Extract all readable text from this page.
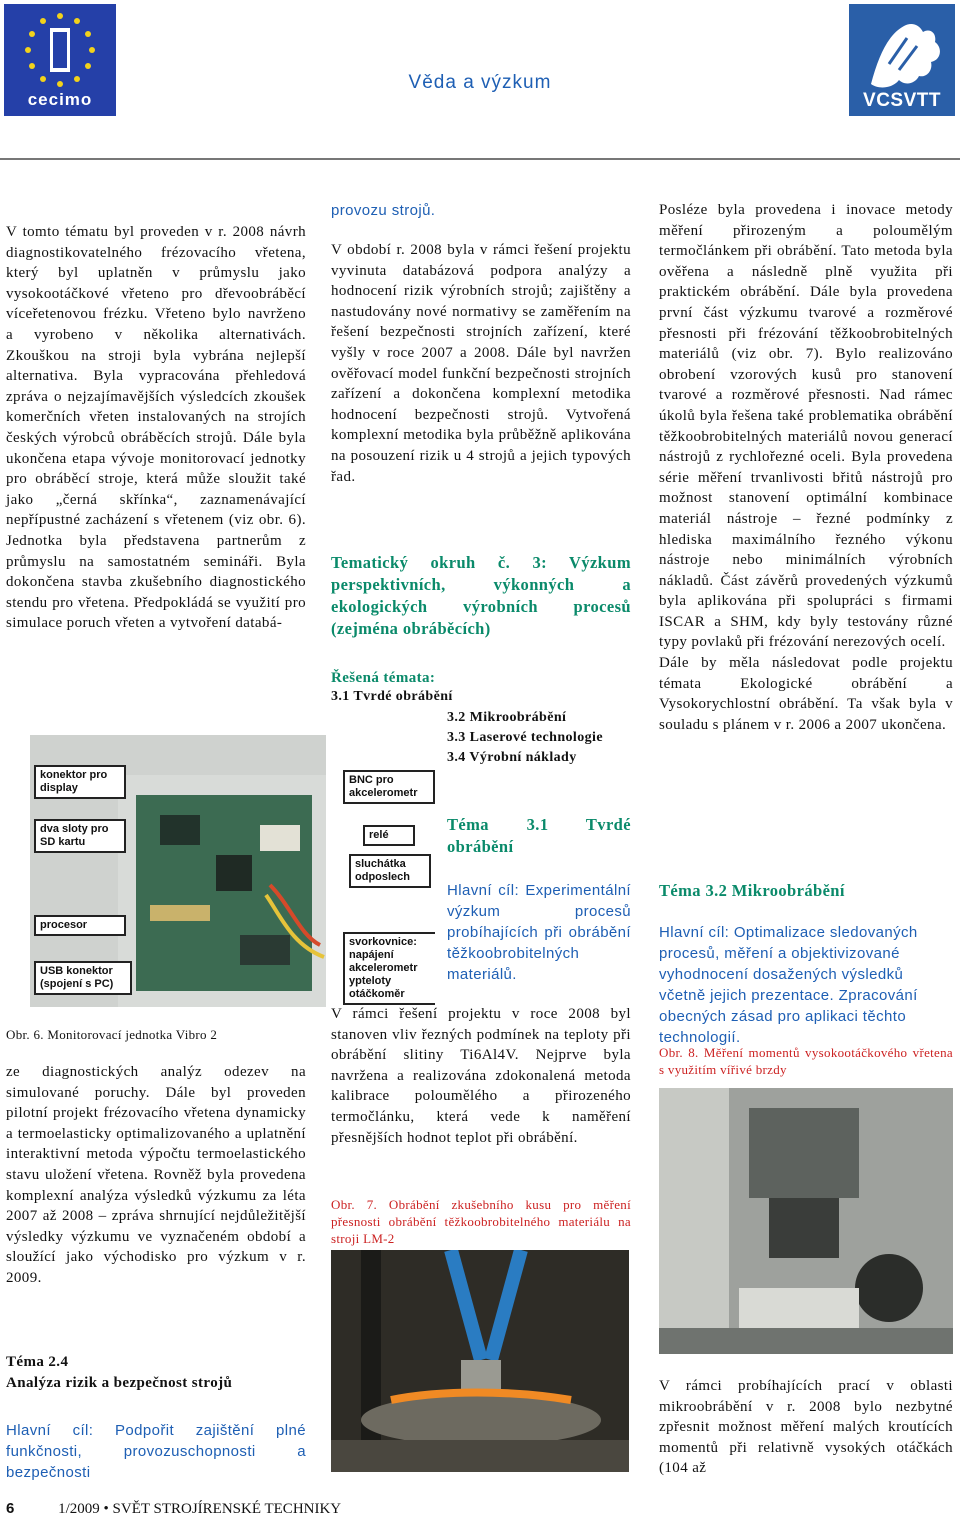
cecimo
Věda a výzkum
VCSVTT

V tomto tématu byl proveden v r. 2008 návrh diagnostikovatelného frézovacího vřetena, který byl uplatněn v průmyslu jako vysokootáčkové vřeteno pro dřevoobráběcí víceřetenovou frézku. Vřeteno bylo navrženo a vyrobeno v několika alternativách. Zkouškou na stroji byla vybrána nejlepší alternativa. Byla vypracována přehledová zpráva o nejzajímavějších výsledcích zkoušek komerčních vřeten instalovaných na strojích českých výrobců obráběcích strojů. Dále byla ukončena etapa vývoje monitorovací jednotky pro obráběcí stroje, která může sloužit také jako „černá skřínka“, zaznamenávající nepřípustné zacházení s vřetenem (viz obr. 6). Jednotka byla představena partnerům z průmyslu na samostatném semináři. Byla dokončena stavba zkušebního diagnostického stendu pro vřetena. Předpokládá se využití pro simulace poruch vřeten a vytvoření databá-

konektor pro display
dva sloty pro SD kartu
procesor
USB konektor (spojení s PC)
BNC pro akcelerometr
relé
sluchátka odposlech
svorkovnice: napájení akcelerometr ypteloty otáčkoměr
Obr. 6. Monitorovací jednotka Vibro 2

ze diagnostických analýz odezev na simulované poruchy. Dále byl proveden pilotní projekt frézovacího vřetena dynamicky a termoelasticky optimalizovaného a uplatnění interaktivní metoda výpočtu termoelastického stavu uložení vřetena. Rovněž byla provedena komplexní analýza výsledků výzkumu za léta 2007 až 2008 – zpráva shrnující nejdůležitější výsledky výzkumu ve vyznačeném období a sloužící jako východisko pro výzkum v r. 2009.

Téma 2.4
Analýza rizik a bezpečnost strojů
Hlavní cíl: Podpořit zajištění plné funkčnosti, provozuschopnosti a bezpečnosti
provozu strojů.

V období r. 2008 byla v rámci řešení projektu vyvinuta databázová podpora analýzy a hodnocení rizik výrobních strojů; zajištěny a nastudovány nové normativy se zaměřením na řešení bezpečnosti strojních zařízení, které vyšly v roce 2007 a 2008. Dále byl navržen ověřovací model funkční bezpečnosti strojních zařízení a dokončena komplexní metodika hodnocení bezpečnosti strojů. Vytvořená komplexní metodika byla průběžně aplikována na posouzení rizik u 4 strojů a jejich typových řad.

Tematický okruh č. 3: Výzkum perspektivních, výkonných a ekologických výrobních procesů (zejména obráběcích)
Řešená témata:
3.1 Tvrdé obrábění
3.2 Mikroobrábění
3.3 Laserové technologie
3.4 Výrobní náklady
Téma 3.1 Tvrdé obrábění
Hlavní cíl: Experimentální výzkum procesů probíhajících při obrábění těžkoobrobitelných materiálů.

V rámci řešení projektu v roce 2008 byl stanoven vliv řezných podmínek na teploty při obrábění slitiny Ti6Al4V. Nejprve byla navržena a realizována zdokonalená metoda kalibrace poloumělého a přirozeného termočlánku, která vede k naměření přesnějších hodnot teplot při obrábění.

Obr. 7. Obrábění zkušebního kusu pro měření přesnosti obrábění těžkoobrobitelného materiálu na stroji LM-2

Posléze byla provedena i inovace metody měření přirozeným a poloumělým termočlánkem při obrábění. Tato metoda byla ověřena a následně plně využita při praktickém obrábění. Dále byla provedena první část výzkumu tvarové a rozměrové přesnosti při frézování těžkoobrobitelných materiálů (viz obr. 7). Bylo realizováno obrobení vzorových kusů pro stanovení tvarové a rozměrové přesnosti. Nad rámec úkolů byla řešena také problematika obrábění těžkoobrobitelných materiálů novou generací nástrojů z rychlořezné oceli. Byla provedena série měření trvanlivosti břitů nástrojů pro možnost stanovení optimální kombinace materiál nástroje – řezné podmínky z hlediska maximálního řezného výkonu nástroje nebo minimálních výrobních nákladů. Část závěrů provedených výzkumů byla aplikována při spolupráci s firmami ISCAR a SHM, kdy byly testovány různé typy povlaků při frézování nerezových ocelí.

Dále by měla následovat podle projektu témata Ekologické obrábění a Vysokorychlostní obrábění. Ta však byla v souladu s plánem v r. 2006 a 2007 ukončena.

Téma 3.2 Mikroobrábění
Hlavní cíl: Optimalizace sledovaných procesů, měření a objektivizované vyhodnocení dosažených výsledků včetně jejich prezentace. Zpracování obecných zásad pro aplikaci těchto technologií.
Obr. 8. Měření momentů vysokootáčkového vřetena s využitím vířivé brzdy

V rámci probíhajících prací v oblasti mikroobrábění v r. 2008 bylo nezbytné zpřesnit možnost měření malých kroutících momentů při relativně vysokých otáčkách (104 až

6	1/2009 • SVĚT STROJÍRENSKÉ TECHNIKY
